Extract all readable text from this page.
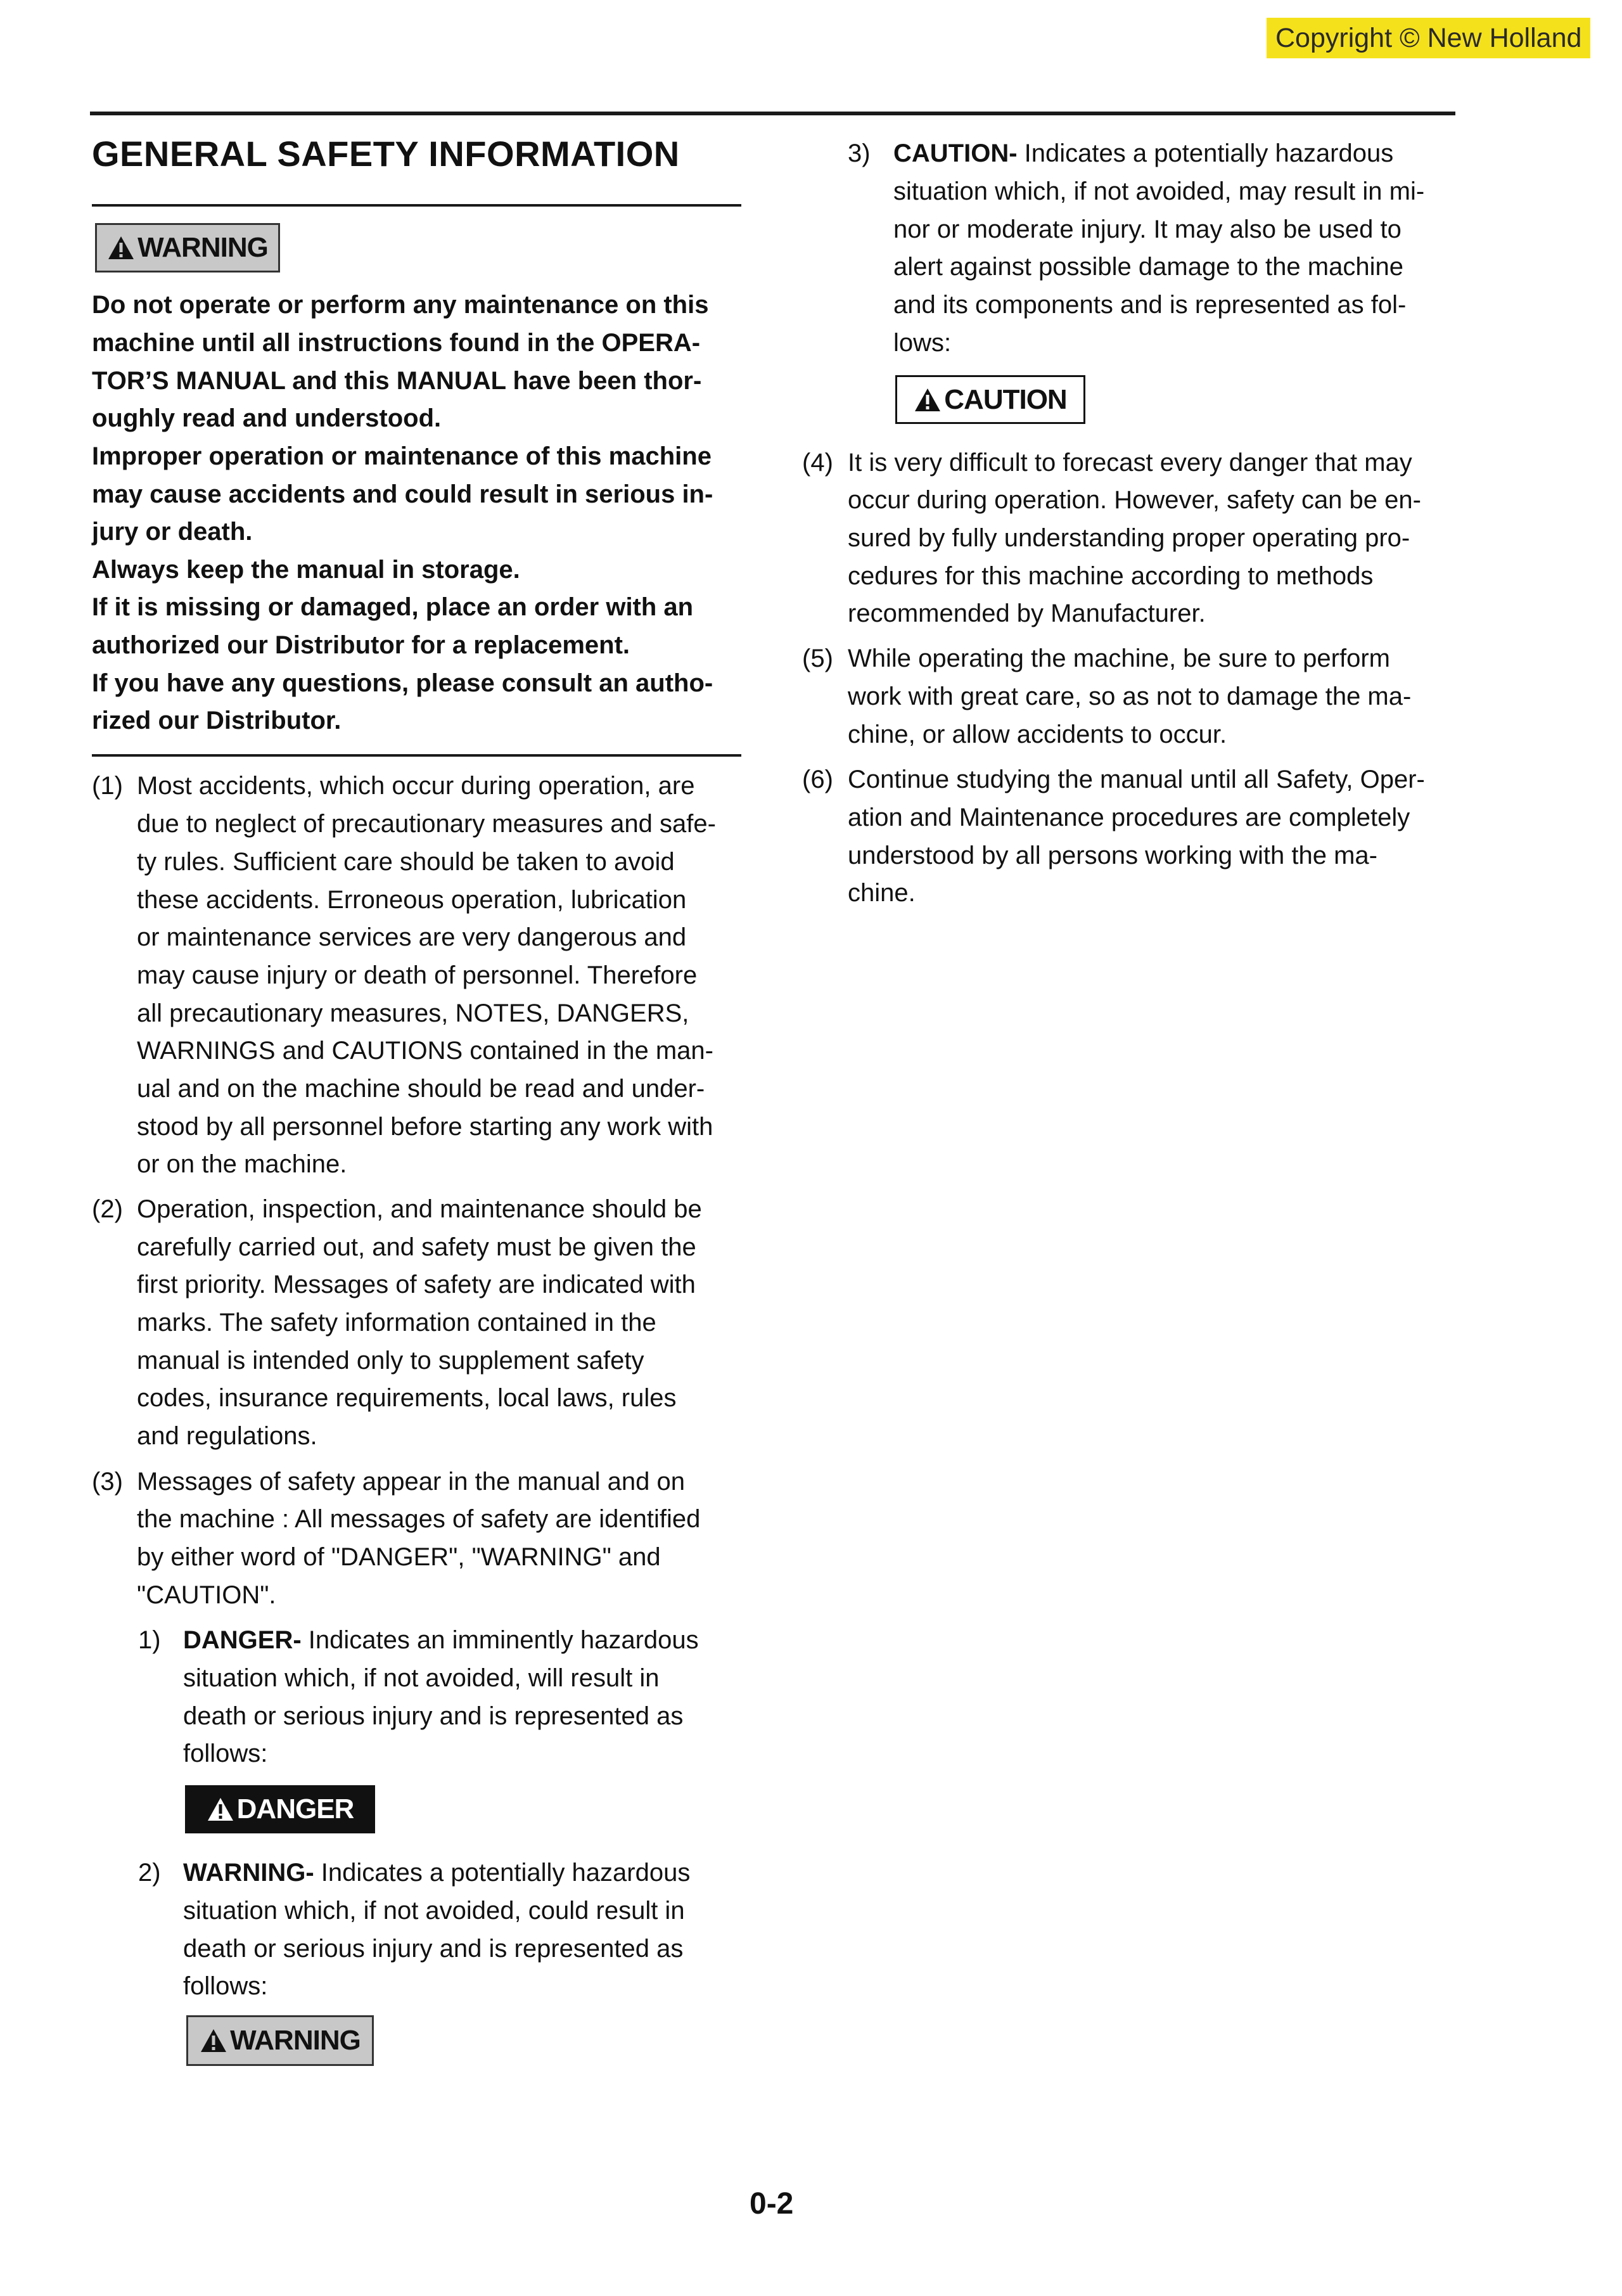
Copyright © New Holland
GENERAL SAFETY INFORMATION
WARNING
Do not operate or perform any maintenance on this
machine until all instructions found in the OPERA-
TOR’S MANUAL and this MANUAL have been thor-
oughly read and understood.
Improper operation or maintenance of this machine
may cause accidents and could result in serious in-
jury or death.
Always keep the manual in storage.
If it is missing or damaged, place an order with an
authorized our Distributor for a replacement.
If you have any questions, please consult an autho-
rized our Distributor.
(1) Most accidents, which occur during operation, are
due to neglect of precautionary measures and safe-
ty rules. Sufficient care should be taken to avoid
these accidents. Erroneous operation, lubrication
or maintenance services are very dangerous and
may cause injury or death of personnel. Therefore
all precautionary measures, NOTES, DANGERS,
WARNINGS and CAUTIONS contained in the man-
ual and on the machine should be read and under-
stood by all personnel before starting any work with
or on the machine.
(2) Operation, inspection, and maintenance should be
carefully carried out, and safety must be given the
first priority. Messages of safety are indicated with
marks. The safety information contained in the
manual is intended only to supplement safety
codes, insurance requirements, local laws, rules
and regulations.
(3) Messages of safety appear in the manual and on
the machine : All messages of safety are identified
by either word of "DANGER", "WARNING" and
"CAUTION".
1) DANGER- Indicates an imminently hazardous
situation which, if not avoided, will result in
death or serious injury and is represented as
follows:
DANGER
2) WARNING- Indicates a potentially hazardous
situation which, if not avoided, could result in
death or serious injury and is represented as
follows:
WARNING
3) CAUTION- Indicates a potentially hazardous
situation which, if not avoided, may result in mi-
nor or moderate injury. It may also be used to
alert against possible damage to the machine
and its components and is represented as fol-
lows:
CAUTION
(4) It is very difficult to forecast every danger that may
occur during operation. However, safety can be en-
sured by fully understanding proper operating pro-
cedures for this machine according to methods
recommended by Manufacturer.
(5) While operating the machine, be sure to perform
work with great care, so as not to damage the ma-
chine, or allow accidents to occur.
(6) Continue studying the manual until all Safety, Oper-
ation and Maintenance procedures are completely
understood by all persons working with the ma-
chine.
0-2
